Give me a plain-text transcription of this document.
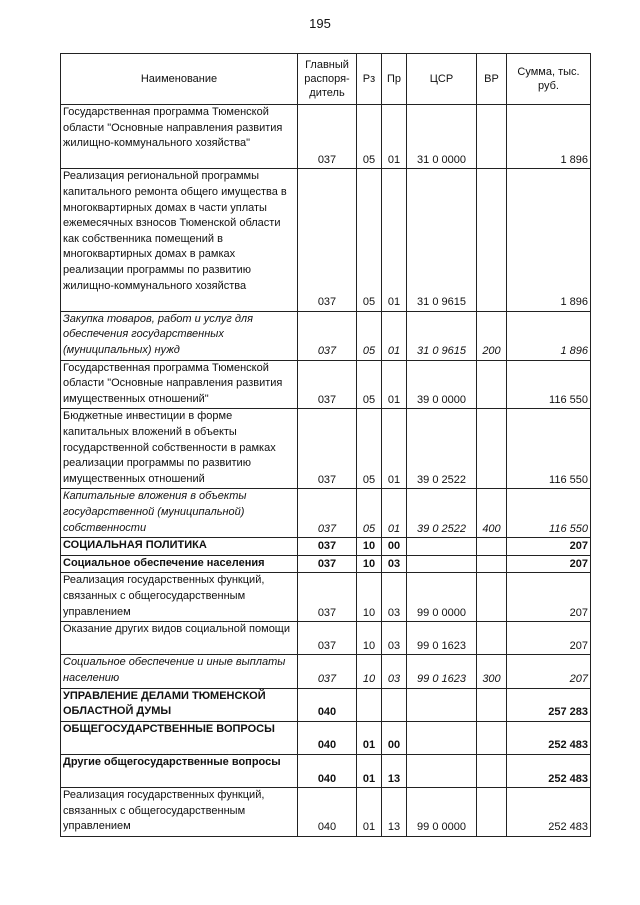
195
Наименование	Главный распоря-дитель	Рз	Пр	ЦСР	ВР	Сумма, тыс. руб.
Государственная программа Тюменской области "Основные направления развития жилищно-коммунального хозяйства"	037	05	01	31 0 0000		1 896
Реализация региональной программы капитального ремонта общего имущества в многоквартирных домах в части уплаты ежемесячных взносов Тюменской области как собственника помещений в многоквартирных домах в рамках реализации программы по развитию жилищно-коммунального хозяйства	037	05	01	31 0 9615		1 896
Закупка товаров, работ и услуг для обеспечения государственных (муниципальных) нужд	037	05	01	31 0 9615	200	1 896
Государственная программа Тюменской области "Основные направления развития имущественных отношений"	037	05	01	39 0 0000		116 550
Бюджетные инвестиции в форме капитальных вложений в объекты государственной собственности в рамках реализации программы по развитию имущественных отношений	037	05	01	39 0 2522		116 550
Капитальные вложения в объекты государственной (муниципальной) собственности	037	05	01	39 0 2522	400	116 550
СОЦИАЛЬНАЯ ПОЛИТИКА	037	10	00			207
Социальное обеспечение населения	037	10	03			207
Реализация государственных функций, связанных с общегосударственным управлением	037	10	03	99 0 0000		207
Оказание других видов социальной помощи	037	10	03	99 0 1623		207
Социальное обеспечение и иные выплаты населению	037	10	03	99 0 1623	300	207
УПРАВЛЕНИЕ ДЕЛАМИ ТЮМЕНСКОЙ ОБЛАСТНОЙ ДУМЫ	040					257 283
ОБЩЕГОСУДАРСТВЕННЫЕ ВОПРОСЫ	040	01	00			252 483
Другие общегосударственные вопросы	040	01	13			252 483
Реализация государственных функций, связанных с общегосударственным управлением	040	01	13	99 0 0000		252 483
